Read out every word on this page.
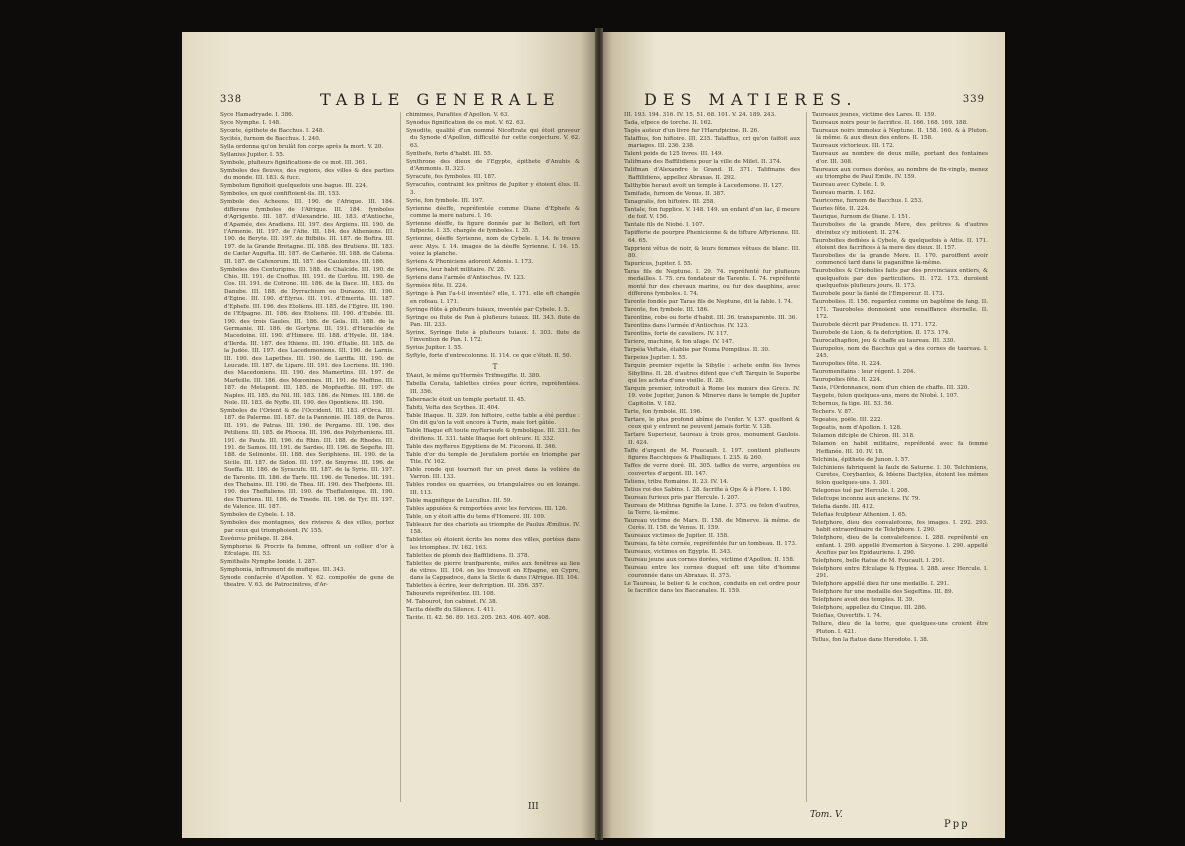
338	TABLE GENERALE

Syce Hamadryade. I. 386.

Syce Nymphe. I. 148.

Sycœte, épithete de Bacchus. I. 248.

Sycités, furnom de Bacchus. I. 240.

Sylla ordonna qu'on brulât fon corps après fa mort. V. 20.

Syllanius Jupiter. I. 55.

Symbole, plufieurs fignifications de ce mot. III. 361.

Symboles des fleuves, des regions, des villes & des parties du monde. III. 183. & fucc.

Symbolum fignifioit quelquefois une bague. III. 224.

Symboles, en quoi confiftoient-ils. III. 153.

Symbole des Acheens. III. 190. de l'Afrique. III. 184. differens fymboles de l'Afrique. III. 184. fymboles d'Agrigente. III. 187. d'Alexandrie. III. 183. d'Antioche, d'Apamée, des Aradiens. III. 197. des Argiens. III. 190. de l'Armenie. III. 197. de l'Afie. III. 184. des Atheniens. III. 190. de Beryte. III. 197. de Bifbilis. III. 187. de Boftra. III. 197. de la Grande Bretagne. III. 188. des Brutiens. III. 183. de Cæfar Augufta. III. 187. de Cæfarée. III. 188. de Catena. III. 187. de Cafenorum. III. 187. des Caulonites. III. 186.

Symboles des Centuripins. III. 188. de Chalcide. III. 190. de Chio. III. 191. de Cnoffus. III. 191. de Corfou. III. 190. de Cos. III. 191. de Cotrone. III. 186. de la Dace. III. 183. du Danube. III. 188. de Dyrrachium ou Durazzo. III. 190. d'Egine. III. 190. d'Elyrus. III. 191. d'Emerita. III. 187. d'Ephefe. III. 196. des Etoliens. III. 185. de l'Egire. III. 190. de l'Efpagne. III. 186. des Etoliens. III. 190. d'Eubée. III. 190. des trois Gaules. III. 186. de Gela. III. 188. de la Germanie. III. 186. de Gortyne. III. 191. d'Heraclée de Macedoine. III. 190. d'Himere. III. 188. d'Hyele. III. 184. d'Ilerda. III. 187. des Ithiens. III. 190. d'Italie. III. 185. de la Judée. III. 197. des Lacedemoniens. III. 190. de Larnis. III. 190. des Lapethes. III. 190. de Lariffa. III. 190. de Leucade. III. 187. de Lipare. III. 191. des Locriens. III. 190. des Macedoniens. III. 190. des Mamertins. III. 197. de Marfeille. III. 186. des Mœonines. III. 191. de Meffine. III. 187. de Metapont. III. 185. de Mopfueftie. III. 197. de Naples. III. 185. du Nil. III. 183. 186. de Nimes. III. 186. de Nole. III. 183. de Nyffe. III. 190. des Opontiens. III. 190.

Symboles de l'Orient & de l'Occident. III. 183. d'Orca. III. 187. de Palerme. III. 187. de la Pannonie. III. 189. de Paros. III. 191. de Patras. III. 190. de Pergame. III. 196. des Petiliens. III. 185. de Phocea. III. 196. des Polyrheniens. III. 191. de Paufa. III. 196. du Rhin. III. 188. de Rhodes. III. 191. de Samos. III. 191. de Sardes. III. 196. de Segefte. III. 188. de Selinonte. III. 188. des Seriphiens. III. 190. de la Sicile. III. 187. de Sidon. III. 197. de Smyrne. III. 196. de Sueffa. III. 186. de Syracufe. III. 187. de la Syrie. III. 197. de Tarente. III. 186. de Tarfe. III. 196. de Tenedos. III. 191. des Thebains. III. 190. de Thea. III. 190. des Thefpiens. III. 190. des Theffaliens. III. 190. de Theffalonique. III. 190. des Thuriens. III. 186. de Tmede. III. 196. de Tyr. III. 197. de Valence. III. 187.

Symboles de Cybele. I. 18.

Symboles des montagnes, des rivieres & des villes, portez par ceux qui triomphoient. IV. 155.

Συνάπτω préfage. II. 264.

Symphorus & Procris fa femme, offrent un collier d'or à Efculape. III. 53.

Symithalis Nymphe Ionide. I. 287.

Symphonia, inftrument de mufique. III. 343.

Synode confacrée d'Apollon. V. 62. compofée de gens de theatre. V. 63. de Patrocinitres, d'Ar-

chimimes, Parafites d'Apollon. V. 63.

Synodus fignification de ce mot. V. 62. 63.

Synodite, qualité d'un nommé Nicoftrate qui étoit graveur du Synode d'Apollon, difficulté fur cette conjecture. V. 62. 63.

Synthefe, forte d'habit. III. 55.

Synthrone des dieux de l'Egypte, épithete d'Anubis & d'Ammonis. II. 323.

Syracufe, fes fymboles. III. 187.

Syracufes, contraint les prêtres de Jupiter y étoient élus. II. 3.

Syrie, fon fymbole. III. 197.

Syrienne déeffe, repréfentée comme Diane d'Ephefe & comme la mere nature. I. 16.

Syrienne déeffe, fa figure donnée par le Bellori, eft fort fufpecte. I. 35. chargée de fymboles. I. 35.

Syrienne, déeffe Syrienne, nom de Cybele. I. 14. fe trouve avec Atys. I. 14. images de la déeffe Syrienne. I. 14. 15. voiez la planche.

Syriens & Pheniciens adorent Adonis. I. 173.

Syriens, leur habit militaire. IV. 28.

Syriens dans l'armée d'Antiochus. IV. 123.

Syrmées fête. II. 224.

Syringe à Pan l'a-t-il inventée? elle, I. 171. elle eft changée en rofeau. I. 171.

Syringe flûte à plufieurs tuiaux, inventée par Cybele. I. 5.

Syringe ou flute de Pan à plufieurs tuiaux. III. 343. flute de Pan. III. 233.

Syrinx, Syringe flute à plufieurs tuiaux. I. 303. flute de l'invention de Pan. I. 172.

Syrius Jupiter. I. 55.

Syftyle, forte d'entrecolonne. II. 114. ce que c'étoit. II. 50.

T

TAaut, le même qu'Hermès Trifmegifte. II. 380.

Tabella Cerata, tablettes cirées pour écrire, repréfentées. III. 356.

Tabernacle étoit un temple portatif. II. 45.

Tabiti, Vefta des Scythes. II. 404.

Table Ifiaque. II. 329. fon hiftoire, cette table a été perdue : On dit qu'on la voit encore à Turin, mais fort gâtée.

Table Ifiaque eft toute myfterieufe & fymbolique. III. 331. fes divifions. II. 331. table Ifiaque fort obfcure. II. 332.

Table des myfteres Egyptiens de M. Ficoroni. II. 346.

Table d'or du temple de Jerufalem portée en triomphe par Tite. IV. 162.

Table ronde qui tournoit fur un pivot dans la volière de Varron. III. 133.

Tables rondes ou quarrées, ou triangulaires ou en lozange. III. 113.

Table magnifique de Lucullus. III. 59.

Tables appuiées & remportées avec les fervices. III. 126.

Table, on y étoit affis du tems d'Homere. III. 109.

Tableaux fur des chariots au triomphe de Paulus Æmilius. IV. 158.

Tablettes où étoient écrits les noms des villes, portées dans les triomphes. IV. 162. 163.

Tablettes de plomb des Baffilidiens. II. 378.

Tablettes de pierre tranfparente, mifes aux fenêtres au lieu de vitres. III. 104. on les trouvoit en Efpagne, en Cypre, dans la Cappadoce, dans la Sicile & dans l'Afrique. III. 104.

Tablettes à écrire, leur defcription. III. 356. 357.

Tabourets repréfentez. III. 108.

M. Tabourot, fon cabinet. IV. 38.

Tacita déeffe du Silence. I. 411.

Tacite. II. 42. 56. 89. 163. 205. 263. 406. 407. 408.

III
DES MATIERES.	339

III. 193. 194. 316. IV. 15. 51. 68. 101. V. 24. 189. 243.

Tada, efpece de torche. II. 162.

Tagès auteur d'un livre fur l'Harufpicine. II. 26.

Talaffius, fon hiftoire. III. 235. Talaffius, cri qu'on faifoit aux mariages. III. 236. 238.

Talent poids de 125 livres. III. 149.

Talifmans des Baffilidiens pour la ville de Milet. II. 374.

Talifman d'Alexandre le Grand. II. 371. Talifmans des Baffilidiens, appellez Abraxas. II. 292.

Talthybie heraut avoit un temple à Lacedemone. II. 127.

Tamifade, furnom de Venus. II. 387.

Tanagralis, fon hiftoire. III. 258.

Tantale, fon fupplice. V. 148. 149. un enfant d'un lac, il meure de foif. V. 156.

Tantale fils de Niobé. I. 107.

Tapifferie de pourpre Phenicienne & de tifture Affyrienne. III. 64. 65.

Tapprieni vêtus de noir, & leurs femmes vêtues de blanc. III. 80.

Tapuricus, Jupiter. I. 55.

Taras fils de Neptune. I. 29. 74. repréfenté fur plufieurs medailles. I. 75. cru fondateur de Tarente. I. 74. repréfenté monté fur des chevaux marins, ou fur des dauphins, avec differens fymboles. I. 74.

Tarente fondée par Taras fils de Neptune, dit la fable. I. 74.

Tarente, fon fymbole. III. 186.

Tarentine, robe ou forte d'habit. III. 36. transparente. III. 36.

Tarentins dans l'armée d'Antiochus. IV. 123.

Tarentins, forte de cavaliers. IV. 117.

Tariere, machine, & fon ufage. IV. 147.

Tarpéia Veftale, établie par Numa Pompilius. II. 30.

Tarpeius Jupiter. I. 55.

Tarquin premier rejette la Sibylle : achete enfin fes livres Sibyllins. II. 28. d'autres difent que c'eft Tarquin le Superbe qui les acheta d'une vieille. II. 28.

Tarquin premier, introduit à Rome les mœurs des Grecs. IV. 19. voüe Jupiter, Junon & Minerve dans le temple de Jupiter Capitolin. V. 182.

Tarte, fon fymbole. III. 196.

Tartare, le plus profond abîme de l'enfer. V. 137. quelfont & ceux qui y entrent ne peuvent jamais fortir. V. 138.

Tartare Superieur, taureau à trois gros, monument Gaulois. II. 424.

Taffe d'argent de M. Foucault. I. 197. contient plufieurs figures Bacchiques & Phalliques. I. 235. & 260.

Taffes de verre doré. III. 305. taffes de verre, argentées ou couvertes d'argent. III. 147.

Tatiens, tribu Romaine. II. 23. IV. 14.

Tatius roi des Sabins. I. 28. facrifie à Ops & à Flore. I. 180.

Taureau furieux pris par Hercule. I. 207.

Taureau de Mithras fignifie la Lune. I. 373. ou felon d'autres, la Terre, là-même.

Taureau victime de Mars. II. 158. de Minerve. là même. de Cerès. II. 158. de Venus. II. 159.

Taureaux victimes de Jupiter. II. 158.

Taureau, fa tête cornée, repréfentée fur un tombeau. II. 173.

Taureaux, victimes en Egypte. II. 343.

Taureau jeune aux cornes dorées, victime d'Apollon. II. 158.

Taureau entre les cornes duquel eft une tête d'homme couronnée dans un Abraxas. II. 373.

Le Taureau, le belier & le cochon, conduits en cet ordre pour le facrifice dans les Baccanales. II. 159.

Taureaux jeunes, victime des Lares. II. 159.

Taureaux noirs pour le facrifice. II. 166. 168. 169. 188.

Taureaux noirs immolez à Neptune. II. 158. 160. & à Pluton. là même. & aux dieux des enfers. II. 158.

Taureaux victorieux. III. 172.

Taureaux au nombre de deux mille, portant des fontaines d'or. III. 308.

Taureaux aux cornes dorées, au nombre de fix-vingts, menez au triomphe de Paul Emile. IV. 159.

Taureau avec Cybele. I. 9.

Taureau marin. I. 162.

Tauricorne, furnom de Bacchus. I. 253.

Tauries fête. II. 224.

Taurique, furnom de Diane. I. 151.

Taurobolies de la grande Mere, des prêtres & d'autres divinitez s'y initioient. II. 274.

Taurobolies dediées à Cybele, & quelquefois à Attis. II. 171. étoient des facrifices à la mere des dieux. II. 157.

Taurobolies de la grande Mere. II. 170. paroiffent avoir commencé tard dans le paganifme là-même.

Taurobolies & Criobolies faits par des provinciaux entiers, & quelquefois par des particuliers. II. 172. 173. duroient quelquefois plufieurs jours. II. 173.

Taurobole pour la fanté de l'Empereur. II. 173.

Taurobolies. II. 156. regardez comme un baptême de fang. II. 171. Tauroboles donnoient une renaiffance éternelle. II. 172.

Taurobole décrit par Prudence. II. 171. 172.

Taurobole de Lion, & fa defcription. II. 173. 174.

Taurocathapfion, jeu & chaffe au taureau. III. 330.

Tauropolos, nom de Bacchus qui a des cornes de taureau. I. 245.

Tauropolies fête. II. 224.

Tauromenitains : leur régent. I. 204.

Tauropolies fête. II. 224.

Taxis, l'Ordonnance, nom d'un chien de chaffe. III. 320.

Taygete, felon quelques-uns, mere de Niobé. I. 107.

Tchernus, fa tige. III. 53. 56.

Techers. V. 87.

Tegeates, poële. III. 222.

Tegeatis, nom d'Apollon. I. 128.

Telamon difciple de Chiron. III. 318.

Telamon en habit militaire, repréfenté avec fa femme Heffanée. III. 10. IV. 18.

Telchinia, épithete de Junon. I. 57.

Telchiniens fabriquent la faulx de Saturne. I. 30. Telchiniens, Curetes, Corybantes, & Idéens Dactyles, étoient les mêmes felon quelques-uns. I. 301.

Telegonus tué par Hercule. I. 208.

Telefcope inconnu aux anciens. IV. 79.

Telefia danfe. III. 412.

Telefias fculpteur Athenien. I. 65.

Telefphore, dieu des convalefcens, fes images. I. 292. 293. habit extraordinaire de Telefphore. I. 290.

Telefphore, dieu de la convalefcence. I. 288. repréfenté en enfant. I. 290. appellé Evemerion à Sicyone. I. 290. appellé Acefius par les Epidauriens. I. 290.

Telefphore, belle ftatue de M. Foucault. I. 291.

Telefphore entre Efculape & Hygiea. I. 288. avec Hercule. I. 291.

Telefphore appellé dieu fur une medaille. I. 291.

Telefphore fur une medaille des Segeftins. III. 89.

Telefphore avoit des temples. II. 39.

Telefphore, appellez du Cinque. III. 286.

Telefias, Ouvertifs. I. 74.

Tellure, dieu de la terre, que quelques-uns croient être Pluton. I. 421.

Tellus, fon la ftatue dans Herodote. I. 38.

Tom. V.
Ppp
